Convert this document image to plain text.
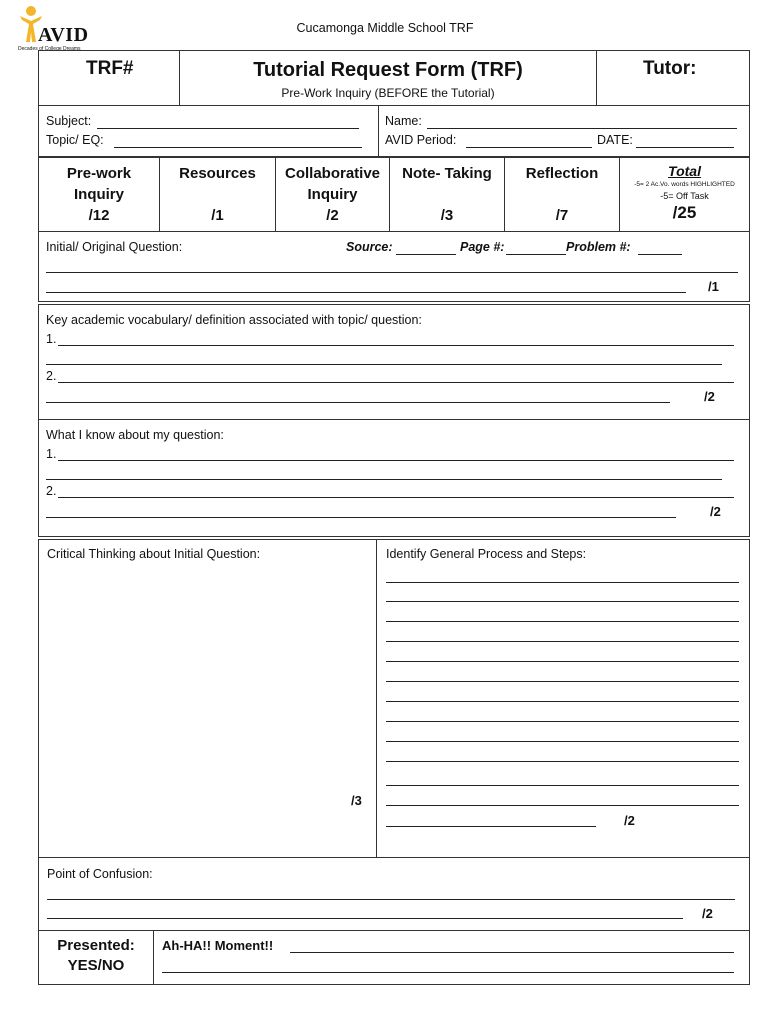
AVID
Decades of College Dreams
Cucamonga Middle School TRF
TRF#	Tutorial Request Form (TRF)
Pre-Work Inquiry (BEFORE the Tutorial)
Tutor:
Subject:
Topic/ EQ:
Name:
AVID Period:	DATE:
Pre-work
Inquiry
/12
Resources
/1
Collaborative
Inquiry
/2
Note- Taking
/3
Reflection
/7
Total
-5= 2 Ac.Vo. words HIGHLIGHTED
-5= Off Task
/25
Initial/ Original Question:	Source:	Page #:	Problem #:
/1
Key academic vocabulary/ definition associated with topic/ question:
1.
2.
/2
What I know about my question:
1.
2.
/2
Critical Thinking about Initial Question:
/3
Identify General Process and Steps:
/2
Point of Confusion:
/2
Presented:
YES/NO
Ah-HA!! Moment!!
